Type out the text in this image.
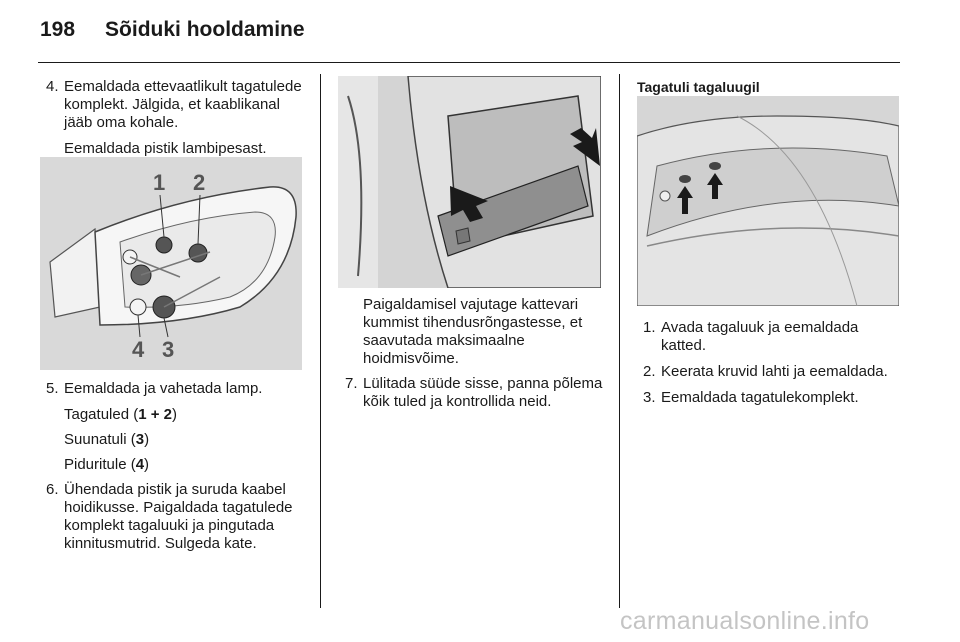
198 Sõiduki hooldamine
4. Eemaldada ettevaatlikult tagatulede komplekt. Jälgida, et kaablikanal jääb oma kohale.
Eemaldada pistik lambipesast.
1 2
4 3
5. Eemaldada ja vahetada lamp.
Tagatuled (1 + 2)
Suunatuli (3)
Piduritule (4)
6. Ühendada pistik ja suruda kaabel hoidikusse. Paigaldada tagatulede komplekt tagaluuki ja pingutada kinnitusmutrid. Sulgeda kate.
Paigaldamisel vajutage kattevari kummist tihendusrõngastesse, et saavutada maksimaalne hoidmisvõime.
7. Lülitada süüde sisse, panna põlema kõik tuled ja kontrollida neid.
Tagatuli tagaluugil
1. Avada tagaluuk ja eemaldada katted.
2. Keerata kruvid lahti ja eemaldada.
3. Eemaldada tagatulekomplekt.
carmanualsonline.info
